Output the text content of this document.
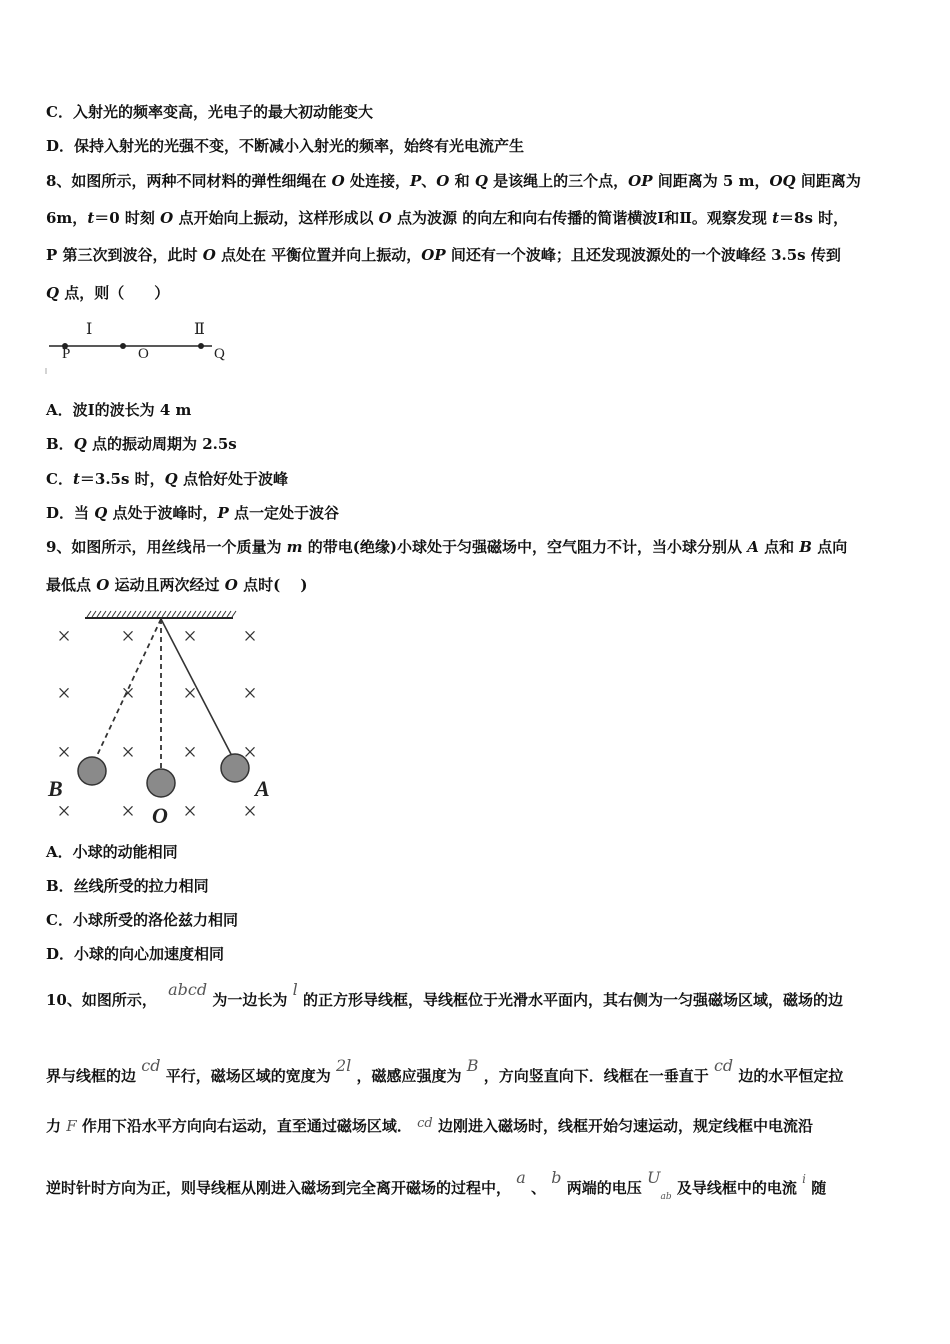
C．入射光的频率变高，光电子的最大初动能变大
D．保持入射光的光强不变，不断减小入射光的频率，始终有光电流产生
8、如图所示，两种不同材料的弹性细绳在 O 处连接，P、O 和 Q 是该绳上的三个点，OP 间距离为 5 m，OQ 间距离为
6m，t＝0 时刻 O 点开始向上振动，这样形成以 O 点为波源 的向左和向右传播的简谐横波Ⅰ和Ⅱ。观察发现 t＝8s 时，
P 第三次到波谷，此时 O 点处在 平衡位置并向上振动，OP 间还有一个波峰；且还发现波源处的一个波峰经 3.5s 传到
Q 点，则（　　）
Ⅰ	Ⅱ
P	O	Q
A．波Ⅰ的波长为 4 m
B．Q 点的振动周期为 2.5s
C．t＝3.5s 时，Q 点恰好处于波峰
D．当 Q 点处于波峰时，P 点一定处于波谷
9、如图所示，用丝线吊一个质量为 m 的带电(绝缘)小球处于匀强磁场中，空气阻力不计，当小球分别从 A 点和 B 点向
最低点 O 运动且两次经过 O 点时(　 )
B
O
A
× × × ×
× × × ×
× × × ×
× × × ×
A．小球的动能相同
B．丝线所受的拉力相同
C．小球所受的洛伦兹力相同
D．小球的向心加速度相同
10、如图所示， abcd 为一边长为 l 的正方形导线框，导线框位于光滑水平面内，其右侧为一匀强磁场区域，磁场的边
界与线框的边 cd 平行，磁场区域的宽度为 2l ，磁感应强度为 B ，方向竖直向下．线框在一垂直于 cd 边的水平恒定拉
力 F 作用下沿水平方向向右运动，直至通过磁场区域． cd 边刚进入磁场时，线框开始匀速运动，规定线框中电流沿
逆时针时方向为正，则导线框从刚进入磁场到完全离开磁场的过程中， a 、 b 两端的电压 $U_{ab}$ 及导线框中的电流 $^i$ 随
